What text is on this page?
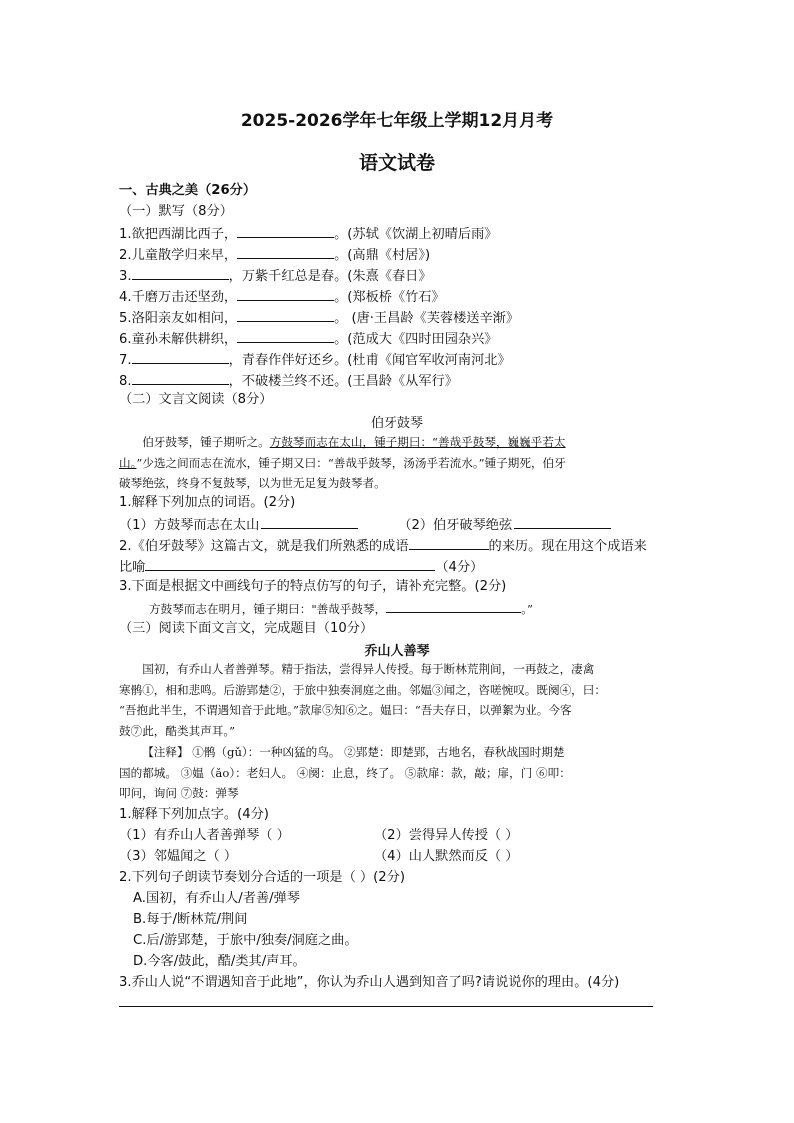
2025-2026学年七年级上学期12月月考
语文试卷
一、古典之美（26分）
（一）默写（8分）
1.欲把西湖比西子，	。(苏轼《饮湖上初晴后雨》
2.儿童散学归来早，	。(高鼎《村居》)
3.	，万紫千红总是春。(朱熹《春日》
4.千磨万击还坚劲，	。(郑板桥《竹石》
5.洛阳亲友如相问，	。 (唐·王昌龄《芙蓉楼送辛渐》
6.童孙未解供耕织，	。(范成大《四时田园杂兴》
7.	，青春作伴好还乡。(杜甫《闻官军收河南河北》
8.	，不破楼兰终不还。(王昌龄《从军行》
（二）文言文阅读（8分）
伯牙鼓琴
伯牙鼓琴，锺子期听之。方鼓琴而志在太山，锺子期曰：“善哉乎鼓琴，巍巍乎若太
山。”少选之间而志在流水，锺子期又曰：“善哉乎鼓琴，汤汤乎若流水。”锺子期死，伯牙
破琴绝弦，终身不复鼓琴，以为世无足复为鼓琴者。
1.解释下列加点的词语。(2分)
（1）方鼓琴而志在太山	（2）伯牙破琴绝弦
2.《伯牙鼓琴》这篇古文，就是我们所熟悉的成语	的来历。现在用这个成语来
比喻	（4分）
3.下面是根据文中画线句子的特点仿写的句子，请补充完整。(2分)
方鼓琴而志在明月，锺子期曰："善哉乎鼓琴，	。”
（三）阅读下面文言文，完成题目（10分）
乔山人善琴
国初，有乔山人者善弹琴。精于指法，尝得异人传授。每于断林荒荆间，一再鼓之，凄禽
寒鹘①，相和悲鸣。后游郢楚②，于旅中独奏洞庭之曲。邻媪③闻之，咨嗟惋叹。既阕④，曰：
“吾抱此半生，不谓遇知音于此地。”款扉⑤知⑥之。媪曰：“吾夫存日，以弹絮为业。今客
鼓⑦此，酷类其声耳。”
【注释】 ①鹘（gǔ）：一种凶猛的鸟。 ②郢楚：即楚郢，古地名，春秋战国时期楚
国的都城。 ③媪（ǎo）：老妇人。 ④阕：止息，终了。 ⑤款扉：款，敲；扉，门 ⑥叩：
叩问，询问 ⑦鼓：弹琴
1.解释下列加点字。(4分)
（1）有乔山人者善弹琴（ ）	（2）尝得异人传授（ ）
（3）邻媪闻之（ ）	（4）山人默然而反（ ）
2.下列句子朗读节奏划分合适的一项是（ ）(2分)
A.国初，有乔山人/者善/弹琴
B.每于/断林荒/荆间
C.后/游郢楚，于旅中/独奏/洞庭之曲。
D.今客/鼓此，酷/类其/声耳。
3.乔山人说“不谓遇知音于此地”，你认为乔山人遇到知音了吗?请说说你的理由。(4分)
